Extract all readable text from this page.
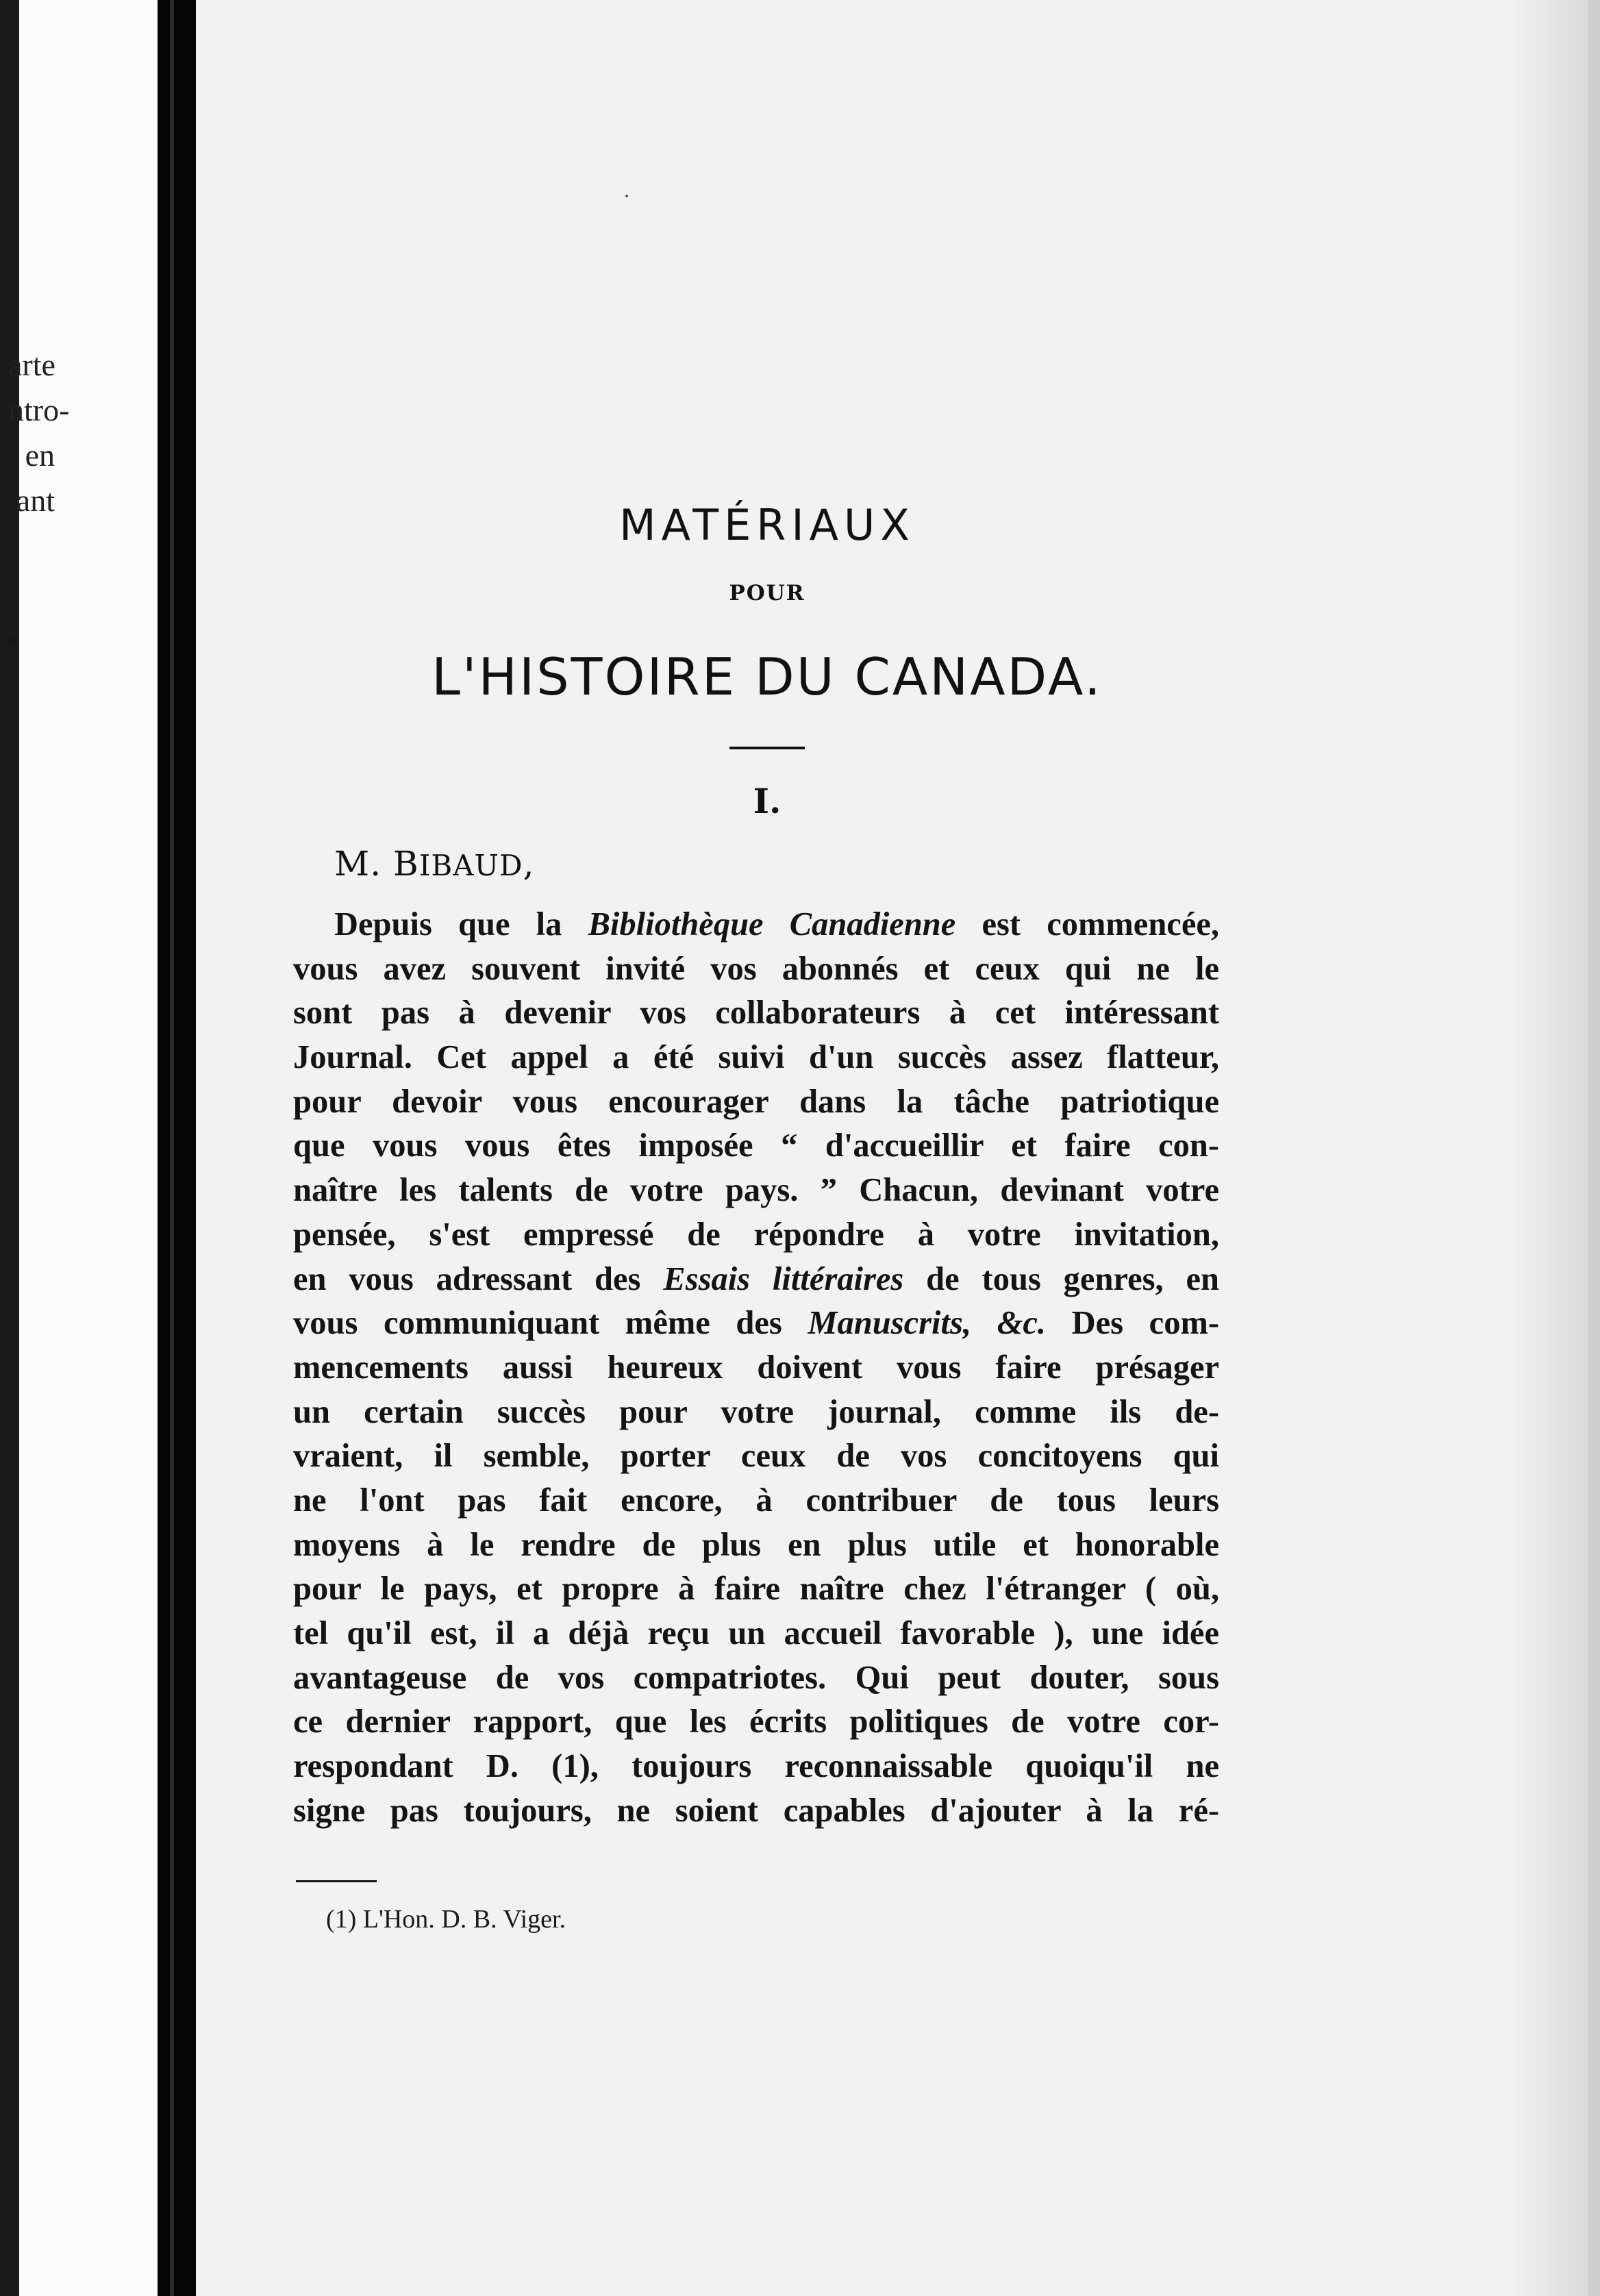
arte
ntro-
en
ant
.
·
MATÉRIAUX
POUR
L'HISTOIRE DU CANADA.
I.
M. BIBAUD,
Depuis que la Bibliothèque Canadienne est commencée,
vous avez souvent invité vos abonnés et ceux qui ne le
sont pas à devenir vos collaborateurs à cet intéressant
Journal. Cet appel a été suivi d'un succès assez flatteur,
pour devoir vous encourager dans la tâche patriotique
que vous vous êtes imposée “ d'accueillir et faire con-
naître les talents de votre pays. ” Chacun, devinant votre
pensée, s'est empressé de répondre à votre invitation,
en vous adressant des Essais littéraires de tous genres, en
vous communiquant même des Manuscrits, &c. Des com-
mencements aussi heureux doivent vous faire présager
un certain succès pour votre journal, comme ils de-
vraient, il semble, porter ceux de vos concitoyens qui
ne l'ont pas fait encore, à contribuer de tous leurs
moyens à le rendre de plus en plus utile et honorable
pour le pays, et propre à faire naître chez l'étranger ( où,
tel qu'il est, il a déjà reçu un accueil favorable ), une idée
avantageuse de vos compatriotes. Qui peut douter, sous
ce dernier rapport, que les écrits politiques de votre cor-
respondant D. (1), toujours reconnaissable quoiqu'il ne
signe pas toujours, ne soient capables d'ajouter à la ré-
(1) L'Hon. D. B. Viger.
